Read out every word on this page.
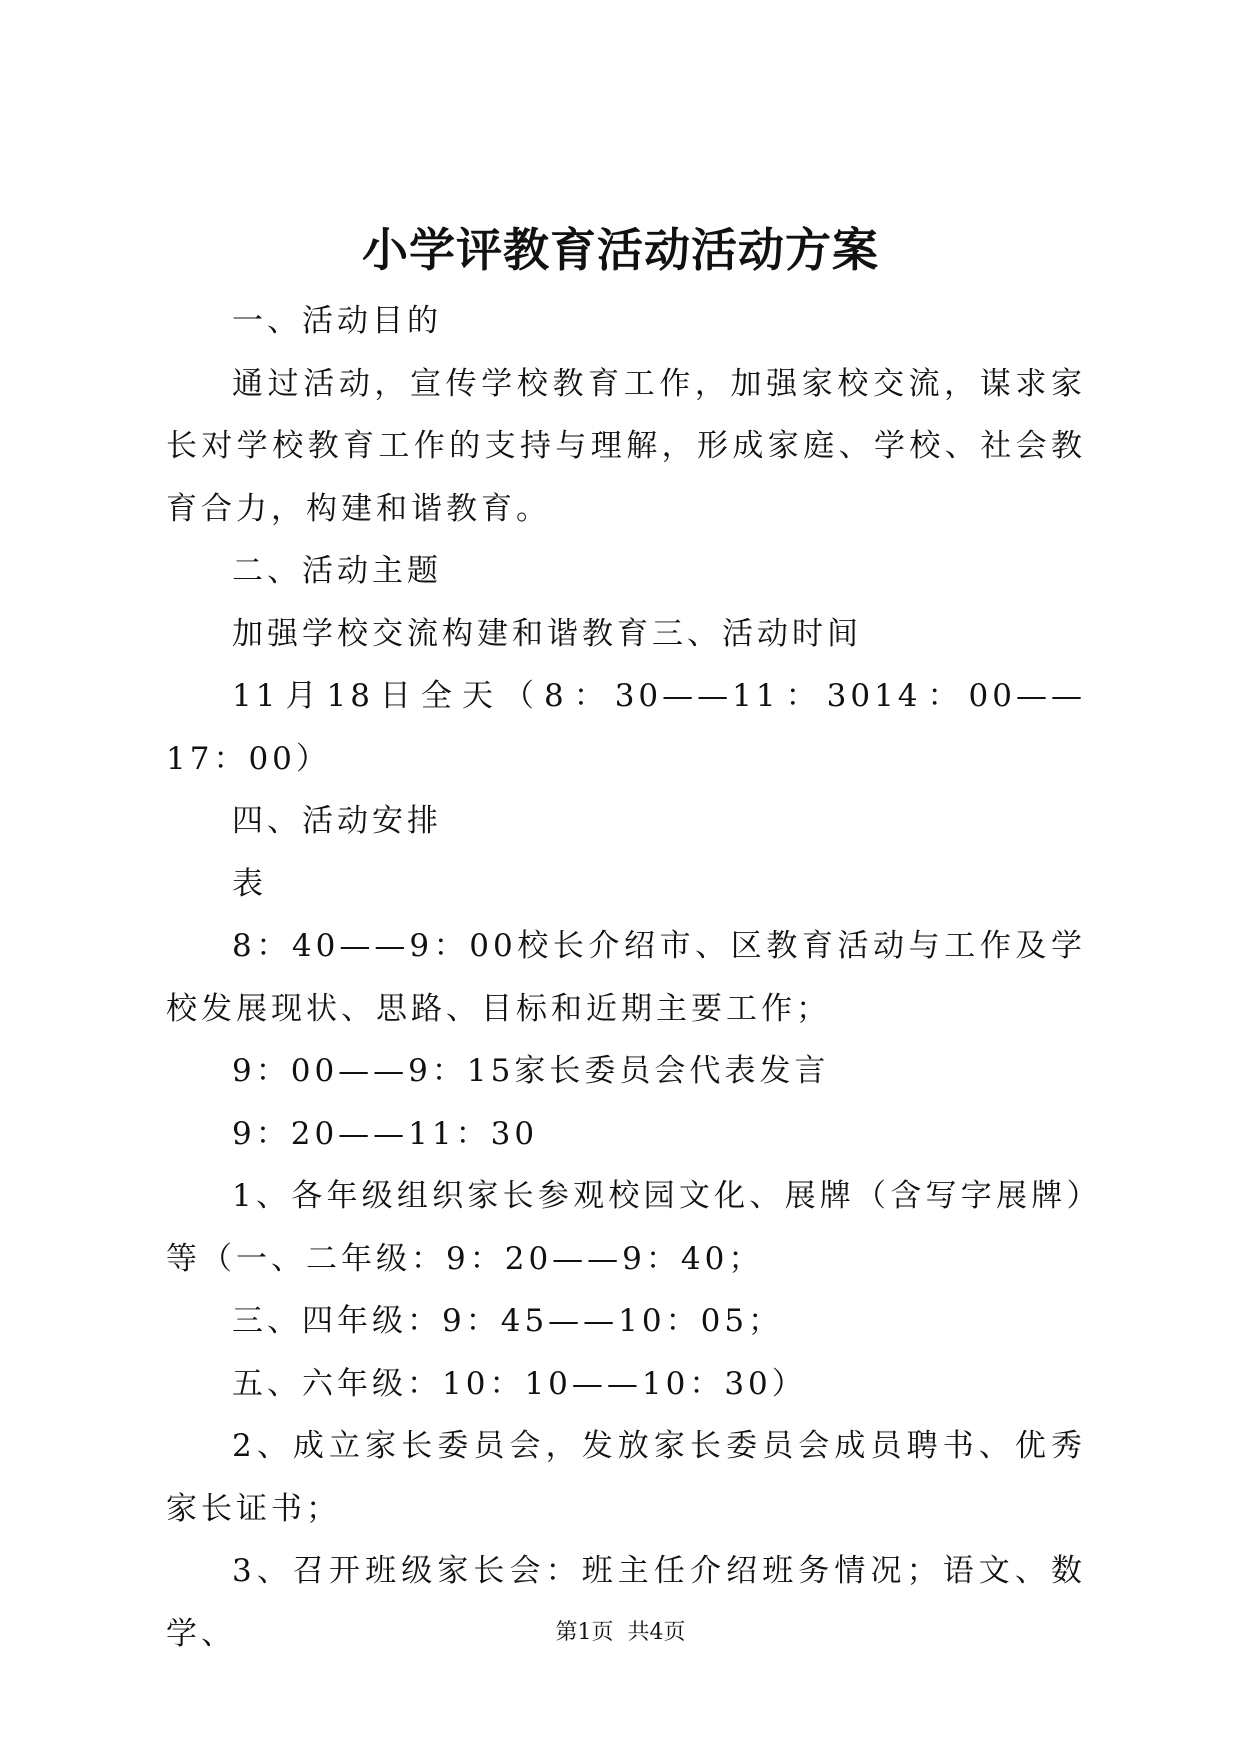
小学评教育活动活动方案

一、活动目的

通过活动，宣传学校教育工作，加强家校交流，谋求家长对学校教育工作的支持与理解，形成家庭、学校、社会教育合力，构建和谐教育。

二、活动主题

加强学校交流构建和谐教育三、活动时间

11月18日全天（8：30——11：3014：00——17：00）

四、活动安排

表

8：40——9：00校长介绍市、区教育活动与工作及学校发展现状、思路、目标和近期主要工作；

9：00——9：15家长委员会代表发言

9：20——11：30

1、各年级组织家长参观校园文化、展牌（含写字展牌）等（一、二年级：9：20——9：40；

三、四年级：9：45——10：05；

五、六年级：10：10——10：30）

2、成立家长委员会，发放家长委员会成员聘书、优秀家长证书；

3、召开班级家长会：班主任介绍班务情况；语文、数学、	第1页 共4页
